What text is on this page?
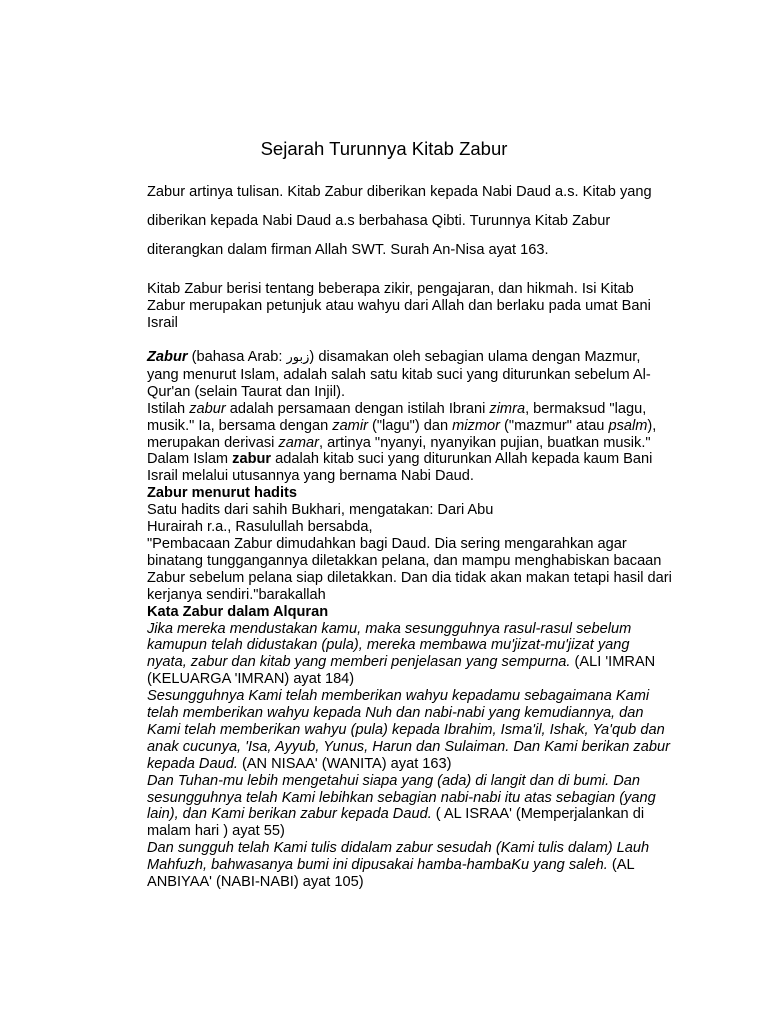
Sejarah Turunnya Kitab Zabur

Zabur artinya tulisan. Kitab Zabur diberikan kepada Nabi Daud a.s. Kitab yang diberikan kepada Nabi Daud a.s berbahasa Qibti. Turunnya Kitab Zabur diterangkan dalam firman Allah SWT. Surah An-Nisa ayat 163.

Kitab Zabur berisi tentang beberapa zikir, pengajaran, dan hikmah. Isi Kitab Zabur merupakan petunjuk atau wahyu dari Allah dan berlaku pada umat Bani Israil

Zabur (bahasa Arab: زبور) disamakan oleh sebagian ulama dengan Mazmur, yang menurut Islam, adalah salah satu kitab suci yang diturunkan sebelum Al-Qur'an (selain Taurat dan Injil).
Istilah zabur adalah persamaan dengan istilah Ibrani zimra, bermaksud "lagu, musik." Ia, bersama dengan zamir ("lagu") dan mizmor ("mazmur" atau psalm), merupakan derivasi zamar, artinya "nyanyi, nyanyikan pujian, buatkan musik."
Dalam Islam zabur adalah kitab suci yang diturunkan Allah kepada kaum Bani Israil melalui utusannya yang bernama Nabi Daud.
Zabur menurut hadits
Satu hadits dari sahih Bukhari, mengatakan: Dari Abu
Hurairah r.a., Rasulullah bersabda,
"Pembacaan Zabur dimudahkan bagi Daud. Dia sering mengarahkan agar binatang tunggangannya diletakkan pelana, dan mampu menghabiskan bacaan Zabur sebelum pelana siap diletakkan. Dan dia tidak akan makan tetapi hasil dari kerjanya sendiri."barakallah
Kata Zabur dalam Alquran
Jika mereka mendustakan kamu, maka sesungguhnya rasul-rasul sebelum kamupun telah didustakan (pula), mereka membawa mu'jizat-mu'jizat yang nyata, zabur dan kitab yang memberi penjelasan yang sempurna. (ALI 'IMRAN (KELUARGA 'IMRAN) ayat 184)
Sesungguhnya Kami telah memberikan wahyu kepadamu sebagaimana Kami telah memberikan wahyu kepada Nuh dan nabi-nabi yang kemudiannya, dan Kami telah memberikan wahyu (pula) kepada Ibrahim, Isma'il, Ishak, Ya'qub dan anak cucunya, 'Isa, Ayyub, Yunus, Harun dan Sulaiman. Dan Kami berikan zabur kepada Daud. (AN NISAA' (WANITA) ayat 163)
Dan Tuhan-mu lebih mengetahui siapa yang (ada) di langit dan di bumi. Dan sesungguhnya telah Kami lebihkan sebagian nabi-nabi itu atas sebagian (yang lain), dan Kami berikan zabur kepada Daud. ( AL ISRAA' (Memperjalankan di malam hari ) ayat 55)
Dan sungguh telah Kami tulis didalam zabur sesudah (Kami tulis dalam) Lauh Mahfuzh, bahwasanya bumi ini dipusakai hamba-hambaKu yang saleh. (AL ANBIYAA' (NABI-NABI) ayat 105)
